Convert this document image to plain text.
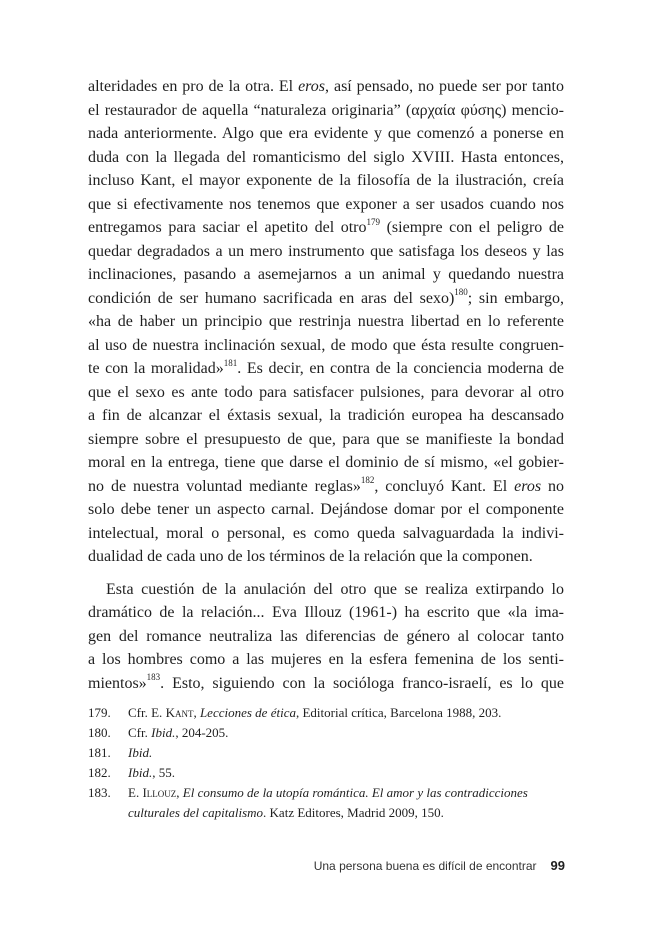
alteridades en pro de la otra. El eros, así pensado, no puede ser por tanto
el restaurador de aquella “naturaleza originaria” (αρχαία φύσης) mencio-
nada anteriormente. Algo que era evidente y que comenzó a ponerse en
duda con la llegada del romanticismo del siglo XVIII. Hasta entonces,
incluso Kant, el mayor exponente de la filosofía de la ilustración, creía
que si efectivamente nos tenemos que exponer a ser usados cuando nos
entregamos para saciar el apetito del otro$^{179}$ (siempre con el peligro de
quedar degradados a un mero instrumento que satisfaga los deseos y las
inclinaciones, pasando a asemejarnos a un animal y quedando nuestra
condición de ser humano sacrificada en aras del sexo)$^{180}$; sin embargo,
«ha de haber un principio que restrinja nuestra libertad en lo referente
al uso de nuestra inclinación sexual, de modo que ésta resulte congruen-
te con la moralidad»$^{181}$. Es decir, en contra de la conciencia moderna de
que el sexo es ante todo para satisfacer pulsiones, para devorar al otro
a fin de alcanzar el éxtasis sexual, la tradición europea ha descansado
siempre sobre el presupuesto de que, para que se manifieste la bondad
moral en la entrega, tiene que darse el dominio de sí mismo, «el gobier-
no de nuestra voluntad mediante reglas»$^{182}$, concluyó Kant. El eros no
solo debe tener un aspecto carnal. Dejándose domar por el componente
intelectual, moral o personal, es como queda salvaguardada la indivi-
dualidad de cada uno de los términos de la relación que la componen.
Esta cuestión de la anulación del otro que se realiza extirpando lo
dramático de la relación... Eva Illouz (1961-) ha escrito que «la ima-
gen del romance neutraliza las diferencias de género al colocar tanto
a los hombres como a las mujeres en la esfera femenina de los senti-
mientos»$^{183}$. Esto, siguiendo con la socióloga franco-israelí, es lo que
179.	Cfr. E. Kant, Lecciones de ética, Editorial crítica, Barcelona 1988, 203.
180.	Cfr. Ibid., 204-205.
181.	Ibid.
182.	Ibid., 55.
183.	E. Illouz, El consumo de la utopía romántica. El amor y las contradicciones
culturales del capitalismo. Katz Editores, Madrid 2009, 150.
Una persona buena es difícil de encontrar 99
